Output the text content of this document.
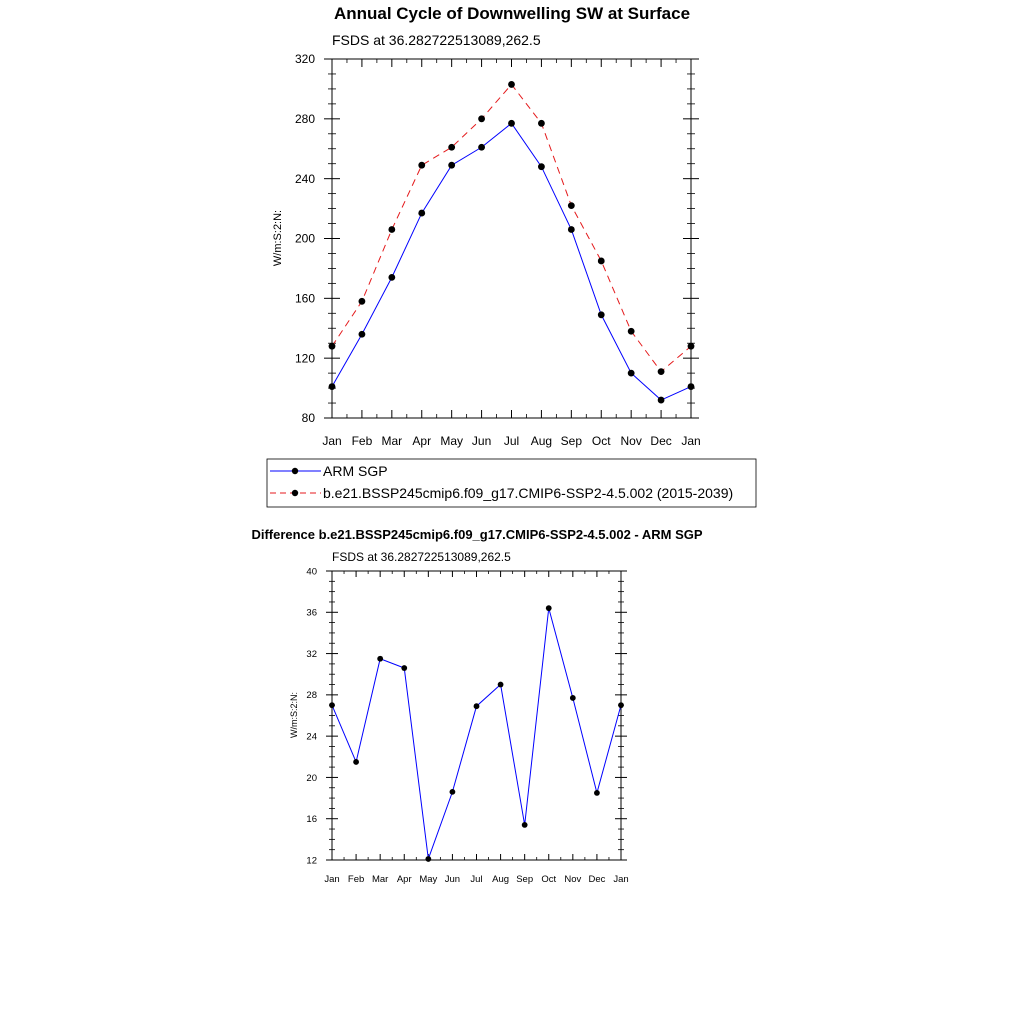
Annual Cycle of Downwelling SW at Surface
FSDS at 36.282722513089,262.5
W/m:S:2:N:
Jan Feb Mar Apr May Jun Jul Aug Sep Oct Nov Dec Jan
80
120
160
200
240
280
320
ARM SGP
b.e21.BSSP245cmip6.f09_g17.CMIP6-SSP2-4.5.002 (2015-2039)
Difference b.e21.BSSP245cmip6.f09_g17.CMIP6-SSP2-4.5.002 - ARM SGP
FSDS at 36.282722513089,262.5
W/m:S:2:N:
Jan Feb Mar Apr May Jun Jul Aug Sep Oct Nov Dec Jan
12
16
20
24
28
32
36
40
